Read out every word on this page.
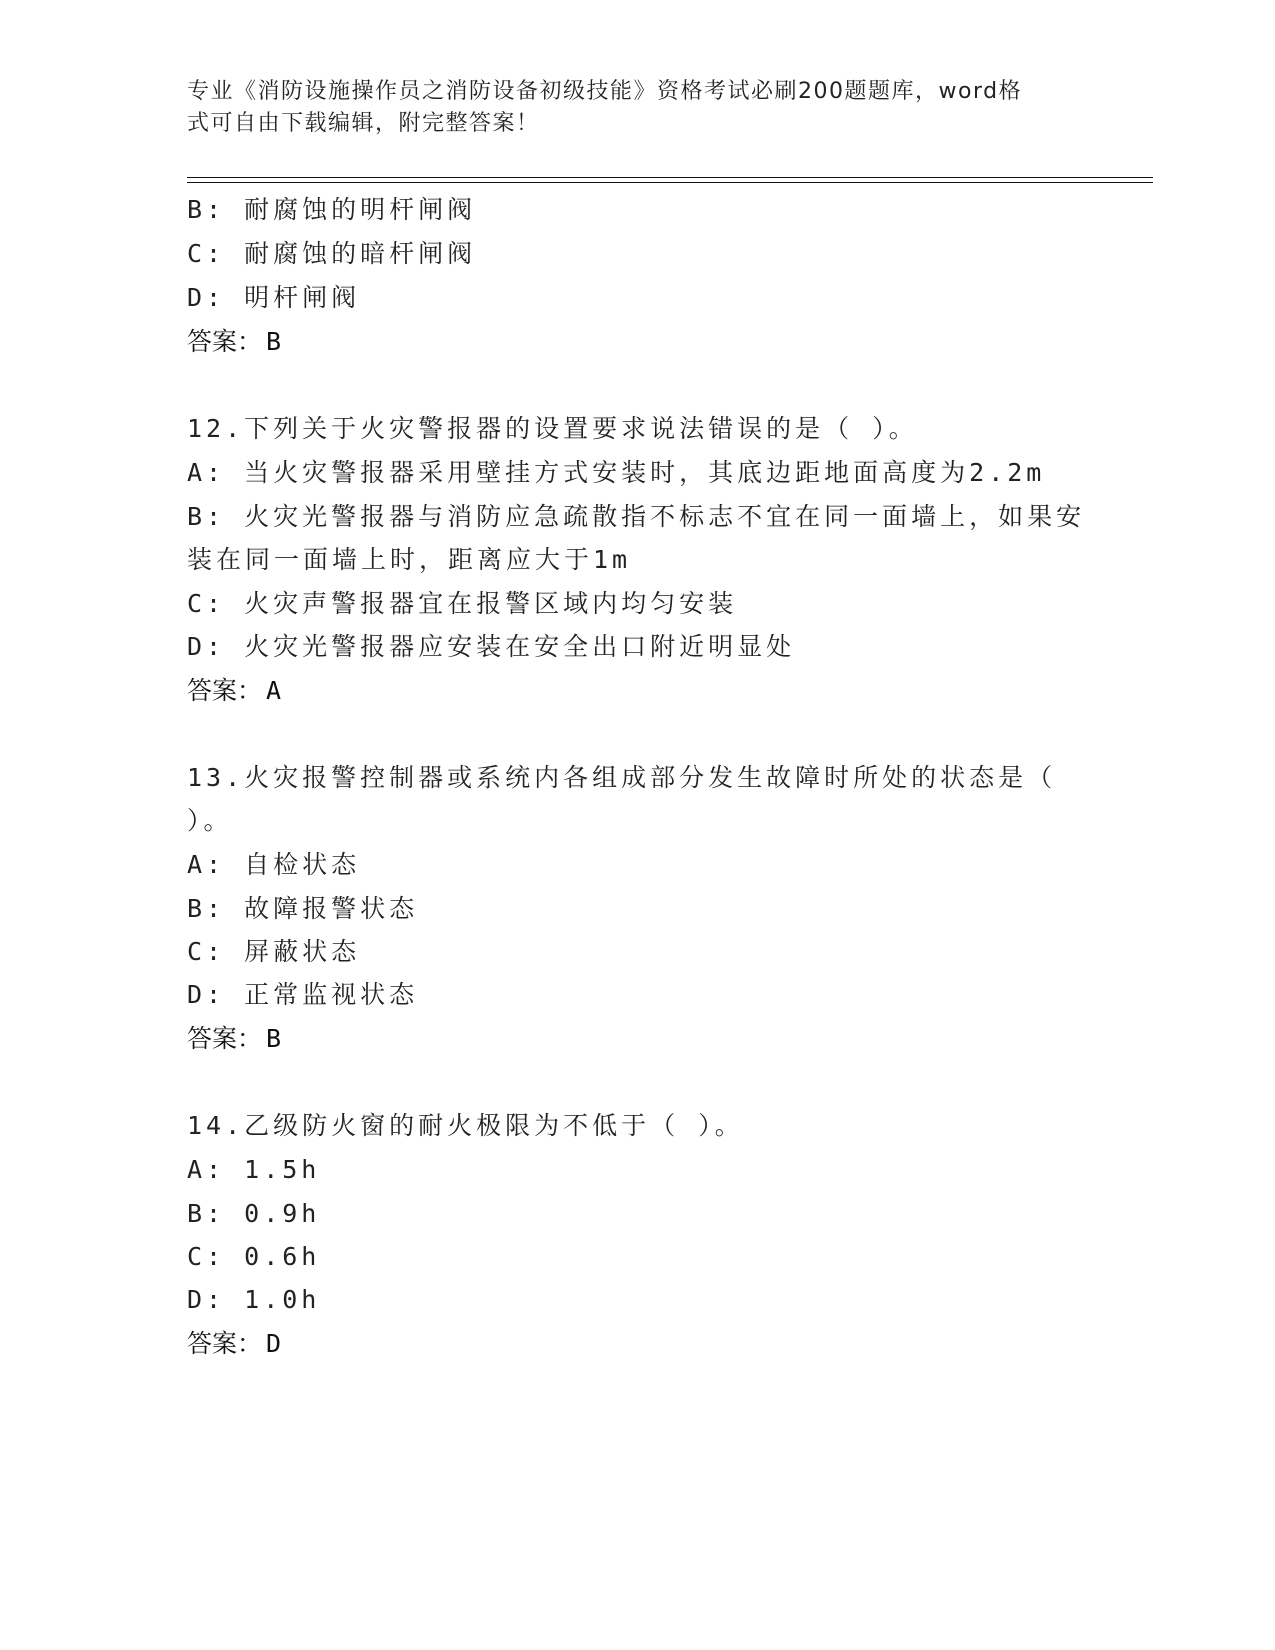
专业《消防设施操作员之消防设备初级技能》资格考试必刷200题题库，word格
式可自由下载编辑，附完整答案！
B: 耐腐蚀的明杆闸阀
C: 耐腐蚀的暗杆闸阀
D: 明杆闸阀
答案： B
12.下列关于火灾警报器的设置要求说法错误的是（ ）。
A: 当火灾警报器采用壁挂方式安装时，其底边距地面高度为2.2m
B: 火灾光警报器与消防应急疏散指不标志不宜在同一面墙上，如果安
装在同一面墙上时，距离应大于1m
C: 火灾声警报器宜在报警区域内均匀安装
D: 火灾光警报器应安装在安全出口附近明显处
答案： A
13.火灾报警控制器或系统内各组成部分发生故障时所处的状态是（
）。
A: 自检状态
B: 故障报警状态
C: 屏蔽状态
D: 正常监视状态
答案： B
14.乙级防火窗的耐火极限为不低于（ ）。
A: 1.5h
B: 0.9h
C: 0.6h
D: 1.0h
答案： D
